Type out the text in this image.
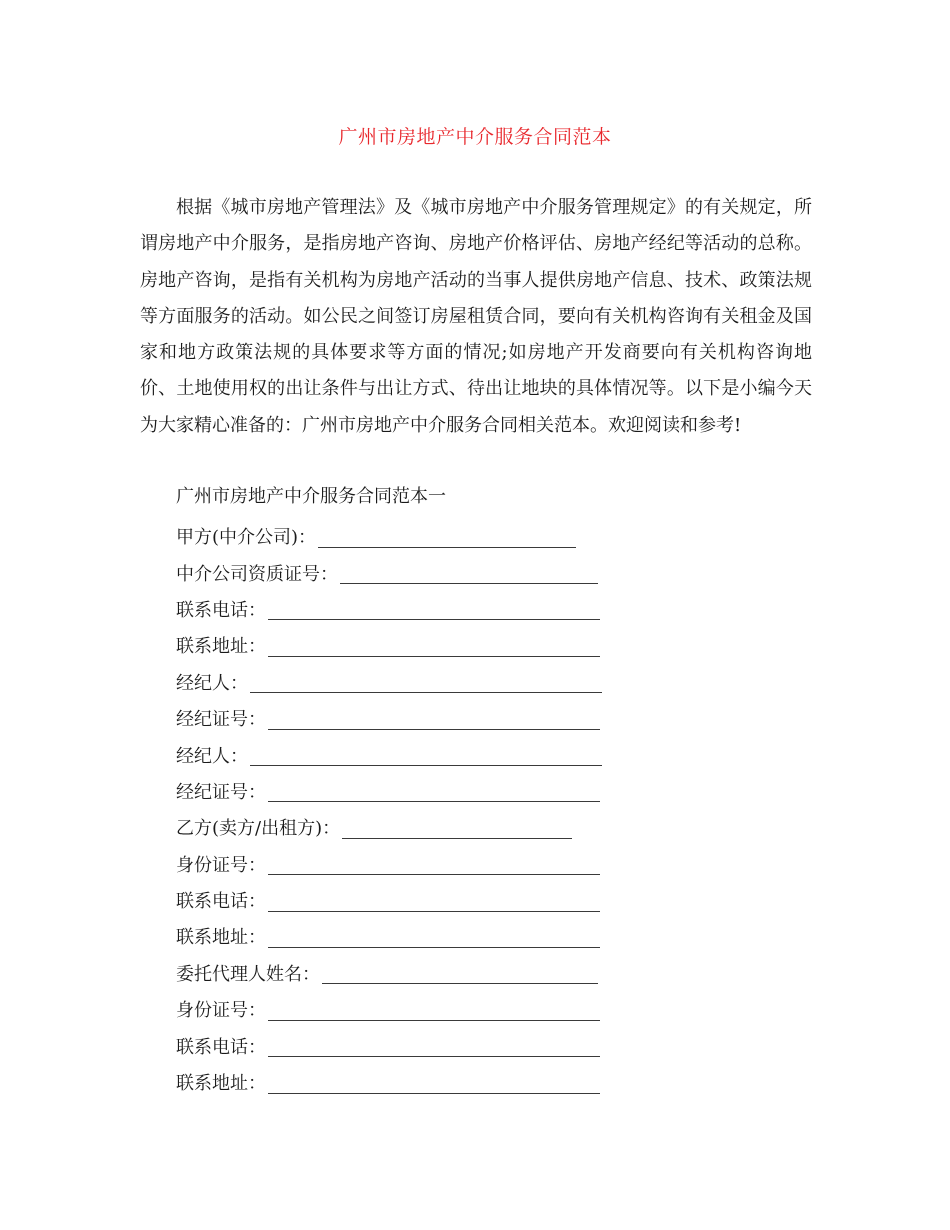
广州市房地产中介服务合同范本

根据《城市房地产管理法》及《城市房地产中介服务管理规定》的有关规定，所谓房地产中介服务，是指房地产咨询、房地产价格评估、房地产经纪等活动的总称。房地产咨询，是指有关机构为房地产活动的当事人提供房地产信息、技术、政策法规等方面服务的活动。如公民之间签订房屋租赁合同，要向有关机构咨询有关租金及国家和地方政策法规的具体要求等方面的情况;如房地产开发商要向有关机构咨询地价、土地使用权的出让条件与出让方式、待出让地块的具体情况等。以下是小编今天为大家精心准备的：广州市房地产中介服务合同相关范本。欢迎阅读和参考!

广州市房地产中介服务合同范本一

甲方(中介公司)：
中介公司资质证号：
联系电话：
联系地址：
经纪人：
经纪证号：
经纪人：
经纪证号：
乙方(卖方/出租方)：
身份证号：
联系电话：
联系地址：
委托代理人姓名：
身份证号：
联系电话：
联系地址：
